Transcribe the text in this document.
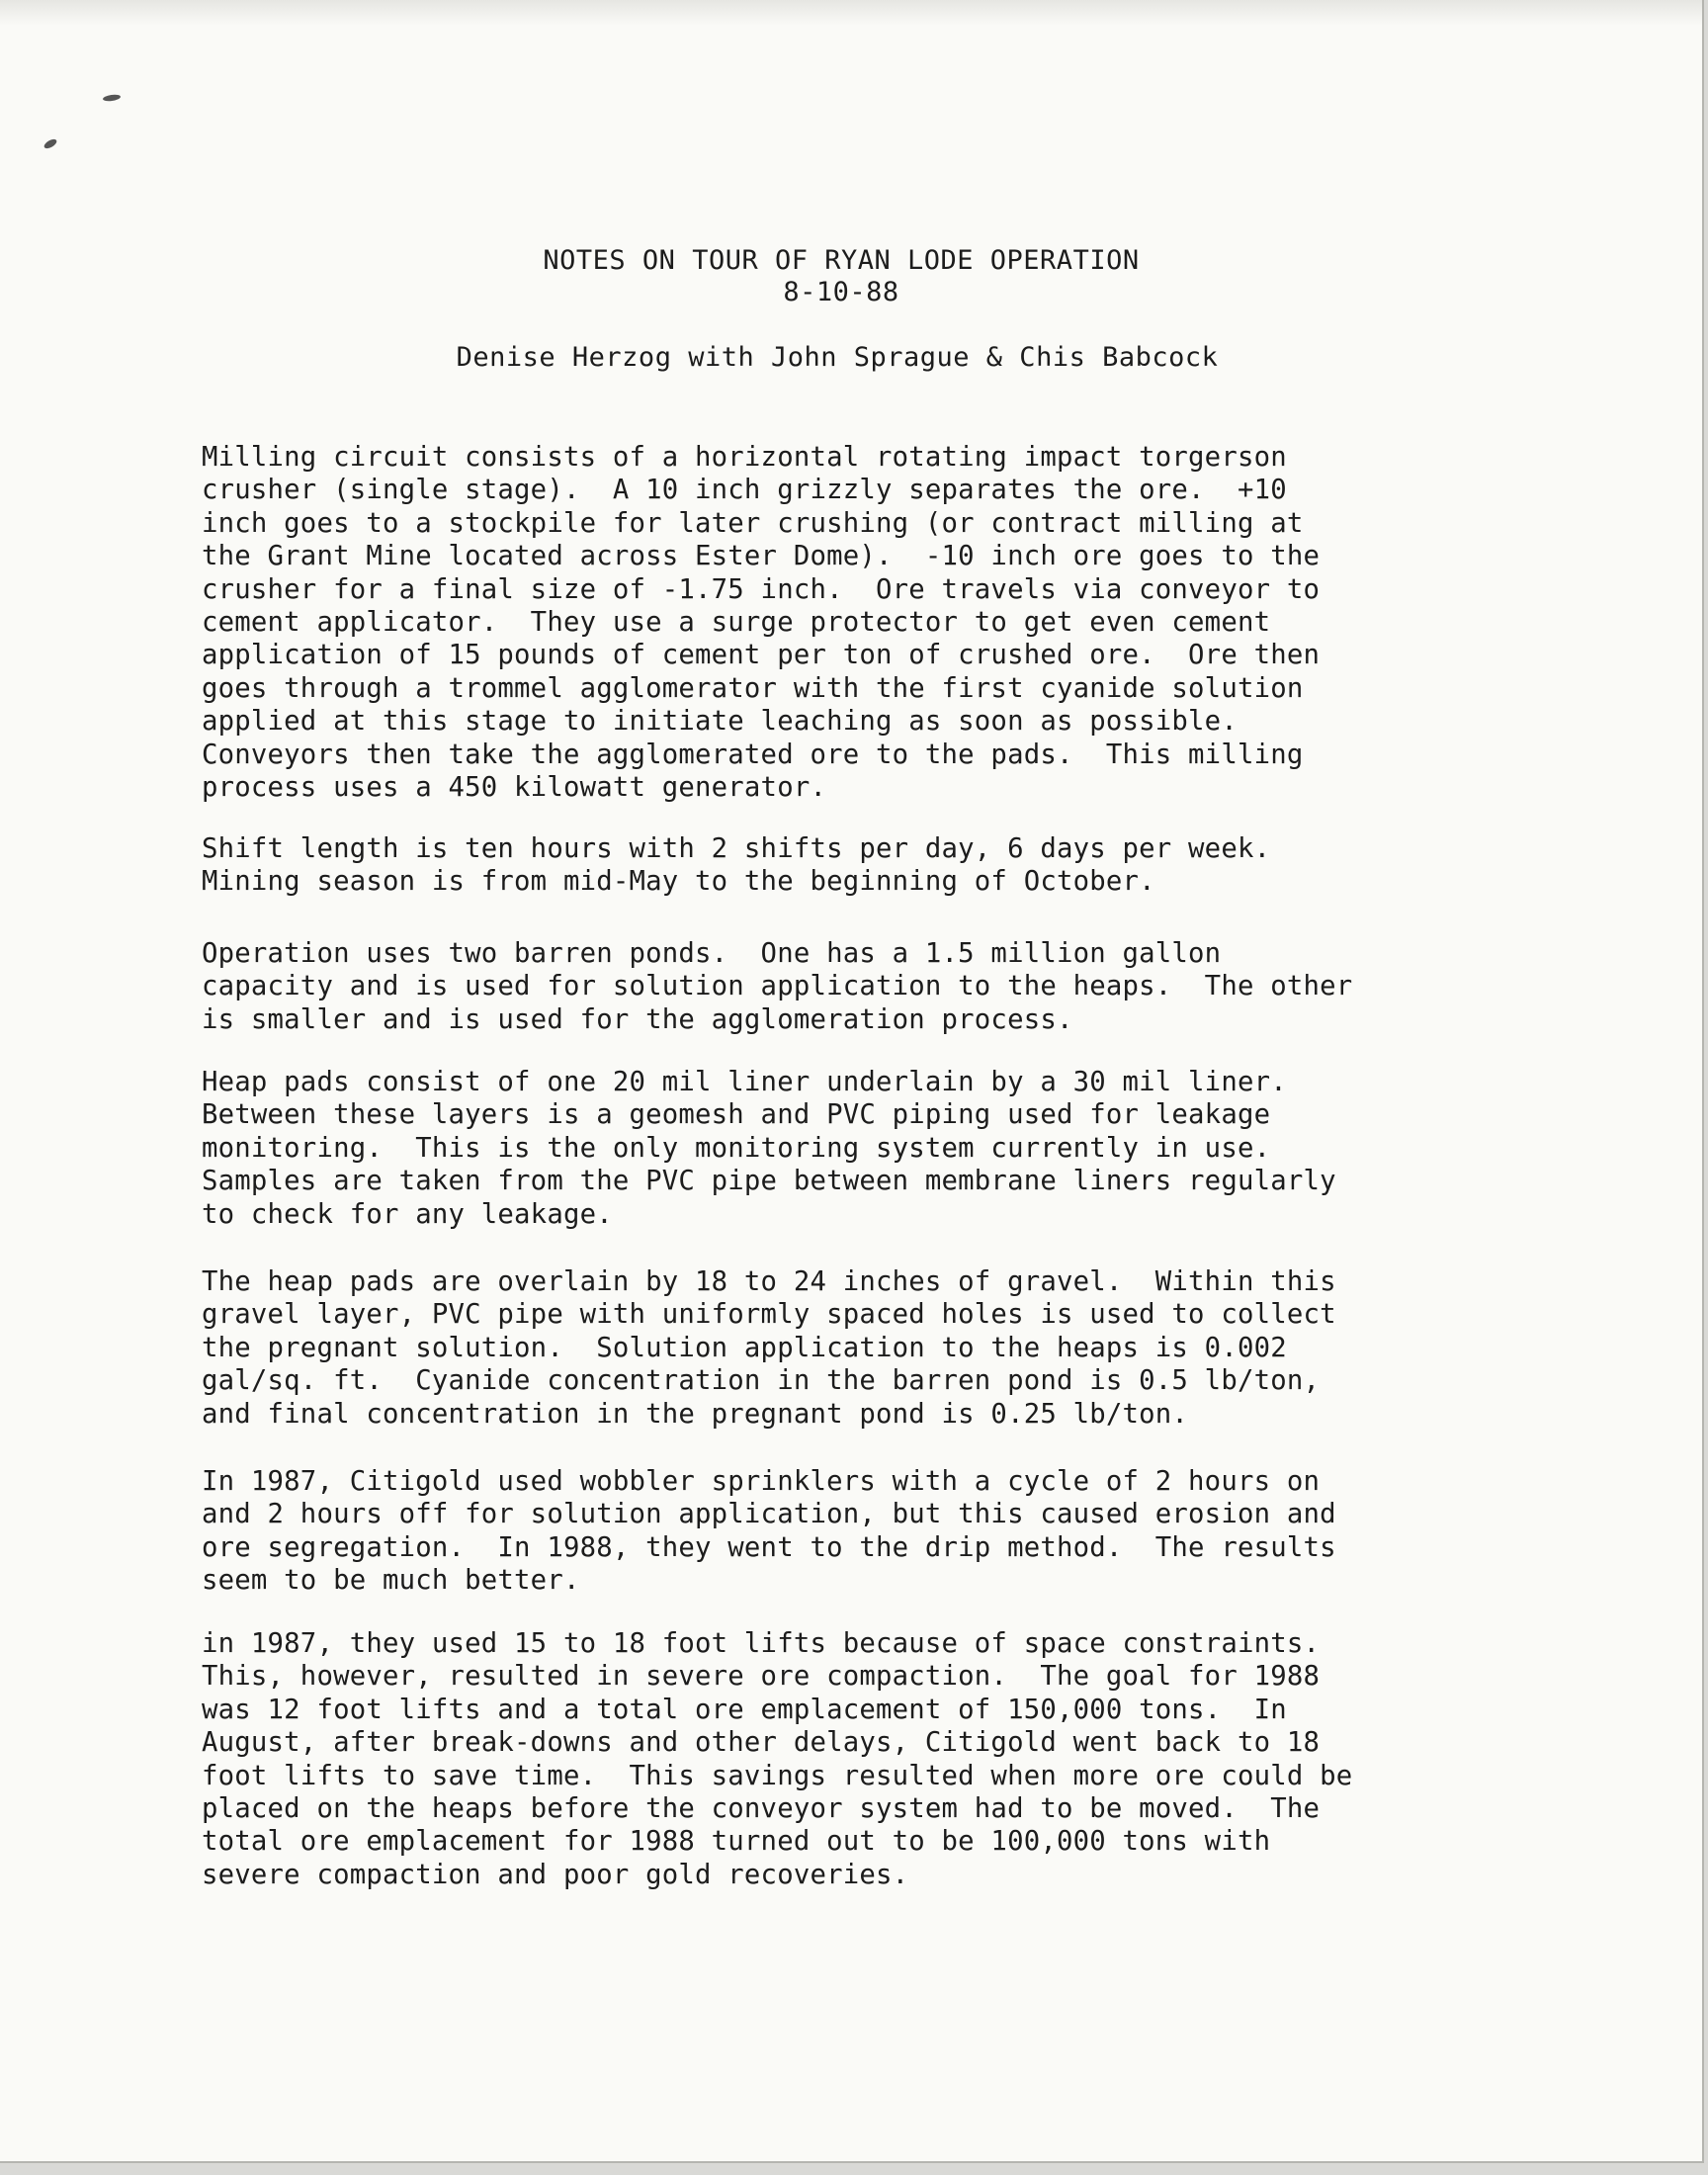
NOTES ON TOUR OF RYAN LODE OPERATION
8-10-88
Denise Herzog with John Sprague & Chis Babcock
Milling circuit consists of a horizontal rotating impact torgerson
crusher (single stage).  A 10 inch grizzly separates the ore.  +10
inch goes to a stockpile for later crushing (or contract milling at
the Grant Mine located across Ester Dome).  -10 inch ore goes to the
crusher for a final size of -1.75 inch.  Ore travels via conveyor to
cement applicator.  They use a surge protector to get even cement
application of 15 pounds of cement per ton of crushed ore.  Ore then
goes through a trommel agglomerator with the first cyanide solution
applied at this stage to initiate leaching as soon as possible.
Conveyors then take the agglomerated ore to the pads.  This milling
process uses a 450 kilowatt generator.
Shift length is ten hours with 2 shifts per day, 6 days per week.
Mining season is from mid-May to the beginning of October.
Operation uses two barren ponds.  One has a 1.5 million gallon
capacity and is used for solution application to the heaps.  The other
is smaller and is used for the agglomeration process.
Heap pads consist of one 20 mil liner underlain by a 30 mil liner.
Between these layers is a geomesh and PVC piping used for leakage
monitoring.  This is the only monitoring system currently in use.
Samples are taken from the PVC pipe between membrane liners regularly
to check for any leakage.
The heap pads are overlain by 18 to 24 inches of gravel.  Within this
gravel layer, PVC pipe with uniformly spaced holes is used to collect
the pregnant solution.  Solution application to the heaps is 0.002
gal/sq. ft.  Cyanide concentration in the barren pond is 0.5 lb/ton,
and final concentration in the pregnant pond is 0.25 lb/ton.
In 1987, Citigold used wobbler sprinklers with a cycle of 2 hours on
and 2 hours off for solution application, but this caused erosion and
ore segregation.  In 1988, they went to the drip method.  The results
seem to be much better.
in 1987, they used 15 to 18 foot lifts because of space constraints.
This, however, resulted in severe ore compaction.  The goal for 1988
was 12 foot lifts and a total ore emplacement of 150,000 tons.  In
August, after break-downs and other delays, Citigold went back to 18
foot lifts to save time.  This savings resulted when more ore could be
placed on the heaps before the conveyor system had to be moved.  The
total ore emplacement for 1988 turned out to be 100,000 tons with
severe compaction and poor gold recoveries.
